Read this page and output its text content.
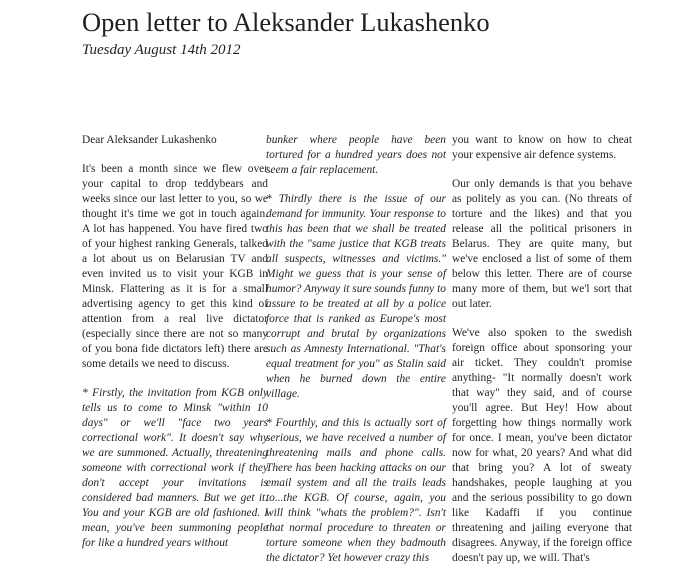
Open letter to Aleksander Lukashenko
Tuesday August 14th 2012

Dear Aleksander Lukashenko

It's been a month since we flew over your capital to drop teddybears and weeks since our last letter to you, so we thought it's time we got in touch again. A lot has happened. You have fired two of your highest ranking Generals, talked a lot about us on Belarusian TV and even invited us to visit your KGB in Minsk. Flattering as it is for a small advertising agency to get this kind of attention from a real live dictator (especially since there are not so many of you bona fide dictators left) there are some details we need to discuss.

* Firstly, the invitation from KGB only tells us to come to Minsk "within 10 days" or we'll "face two years correctional work". It doesn't say why we are summoned. Actually, threatening someone with correctional work if they don't accept your invitations is considered bad manners. But we get it. You and your KGB are old fashioned. I mean, you've been summoning people for like a hundred years without

bunker where people have been tortured for a hundred years does not seem a fair replacement.

* Thirdly there is the issue of our demand for immunity. Your response to this has been that we shall be treated with the "same justice that KGB treats all suspects, witnesses and victims." Might we guess that is your sense of humor? Anyway it sure sounds funny to assure to be treated at all by a police force that is ranked as Europe's most corrupt and brutal by organizations such as Amnesty International. "That's equal treatment for you" as Stalin said when he burned down the entire village.

* Fourthly, and this is actually sort of serious, we have received a number of threatening mails and phone calls. There has been hacking attacks on our email system and all the trails leads to...the KGB. Of course, again, you will think "whats the problem?". Isn't that normal procedure to threaten or torture someone when they badmouth the dictator? Yet however crazy this

you want to know on how to cheat your expensive air defence systems.

Our only demands is that you behave as politely as you can. (No threats of torture and the likes) and that you release all the political prisoners in Belarus. They are quite many, but we've enclosed a list of some of them below this letter. There are of course many more of them, but we'l sort that out later.

We've also spoken to the swedish foreign office about sponsoring your air ticket. They couldn't promise anything- "It normally doesn't work that way" they said, and of course you'll agree. But Hey! How about forgetting how things normally work for once. I mean, you've been dictator now for what, 20 years? And what did that bring you? A lot of sweaty handshakes, people laughing at you and the serious possibility to go down like Kadaffi if you continue threatening and jailing everyone that disagrees. Anyway, if the foreign office doesn't pay up, we will. That's
